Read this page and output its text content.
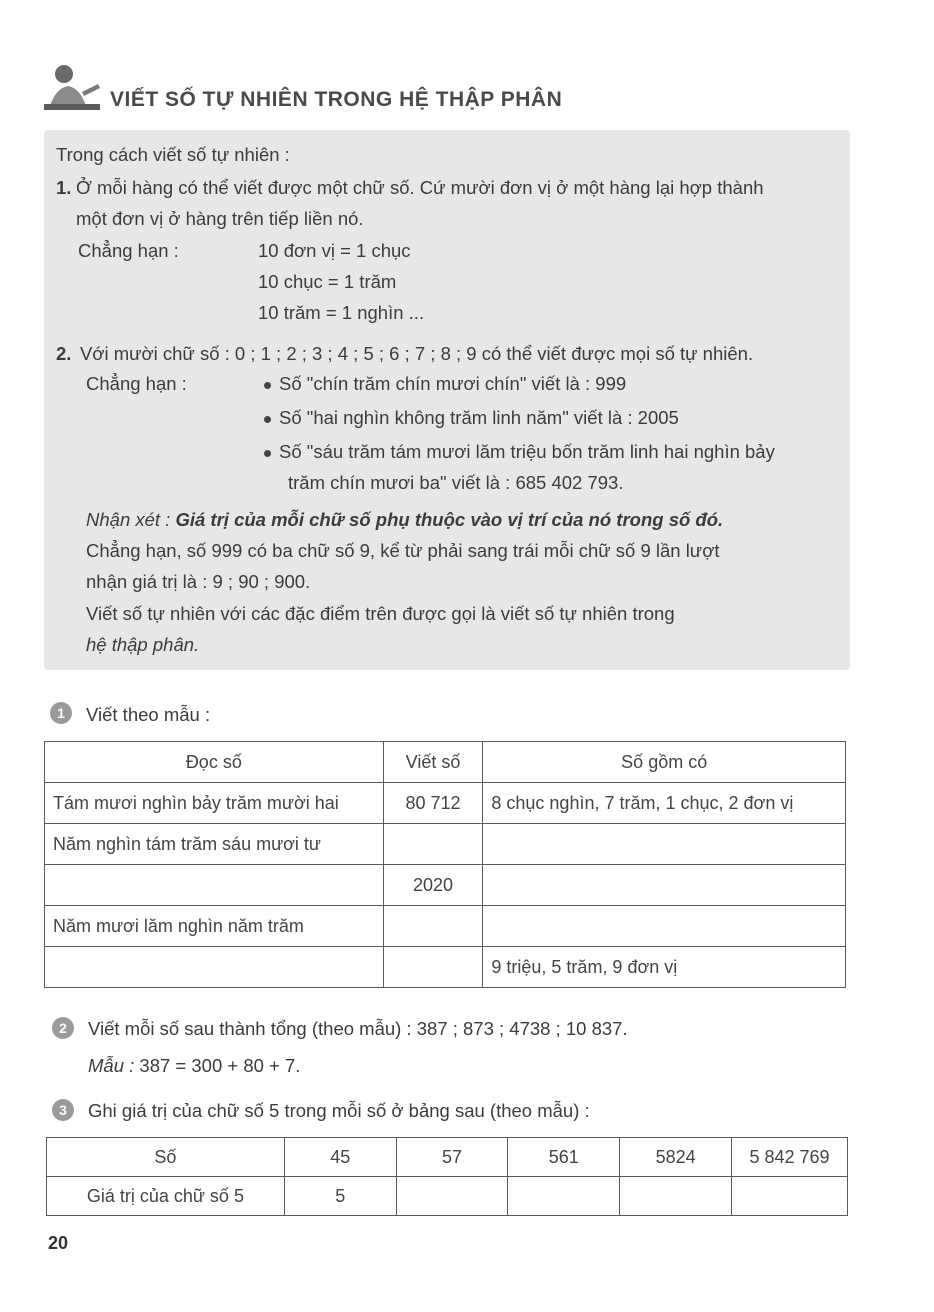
VIẾT SỐ TỰ NHIÊN TRONG HỆ THẬP PHÂN
Trong cách viết số tự nhiên :
1. Ở mỗi hàng có thể viết được một chữ số. Cứ mười đơn vị ở một hàng lại hợp thành
một đơn vị ở hàng trên tiếp liền nó.
Chẳng hạn :	10 đơn vị = 1 chục
10 chục = 1 trăm
10 trăm = 1 nghìn ...
2. Với mười chữ số : 0 ; 1 ; 2 ; 3 ; 4 ; 5 ; 6 ; 7 ; 8 ; 9 có thể viết được mọi số tự nhiên.
Chẳng hạn :	Số "chín trăm chín mươi chín" viết là : 999
Số "hai nghìn không trăm linh năm" viết là : 2005
Số "sáu trăm tám mươi lăm triệu bốn trăm linh hai nghìn bảy
trăm chín mươi ba" viết là : 685 402 793.
Nhận xét : Giá trị của mỗi chữ số phụ thuộc vào vị trí của nó trong số đó.
Chẳng hạn, số 999 có ba chữ số 9, kể từ phải sang trái mỗi chữ số 9 lần lượt
nhận giá trị là : 9 ; 90 ; 900.
Viết số tự nhiên với các đặc điểm trên được gọi là viết số tự nhiên trong
hệ thập phân.
1	Viết theo mẫu :
Đọc số	Viết số	Số gồm có
Tám mươi nghìn bảy trăm mười hai	80 712	8 chục nghìn, 7 trăm, 1 chục, 2 đơn vị
Năm nghìn tám trăm sáu mươi tư		
	2020	
Năm mươi lăm nghìn năm trăm		
		9 triệu, 5 trăm, 9 đơn vị
2	Viết mỗi số sau thành tổng (theo mẫu) : 387 ; 873 ; 4738 ; 10 837.
Mẫu : 387 = 300 + 80 + 7.
3	Ghi giá trị của chữ số 5 trong mỗi số ở bảng sau (theo mẫu) :
Số	45	57	561	5824	5 842 769
Giá trị của chữ số 5	5				
20
